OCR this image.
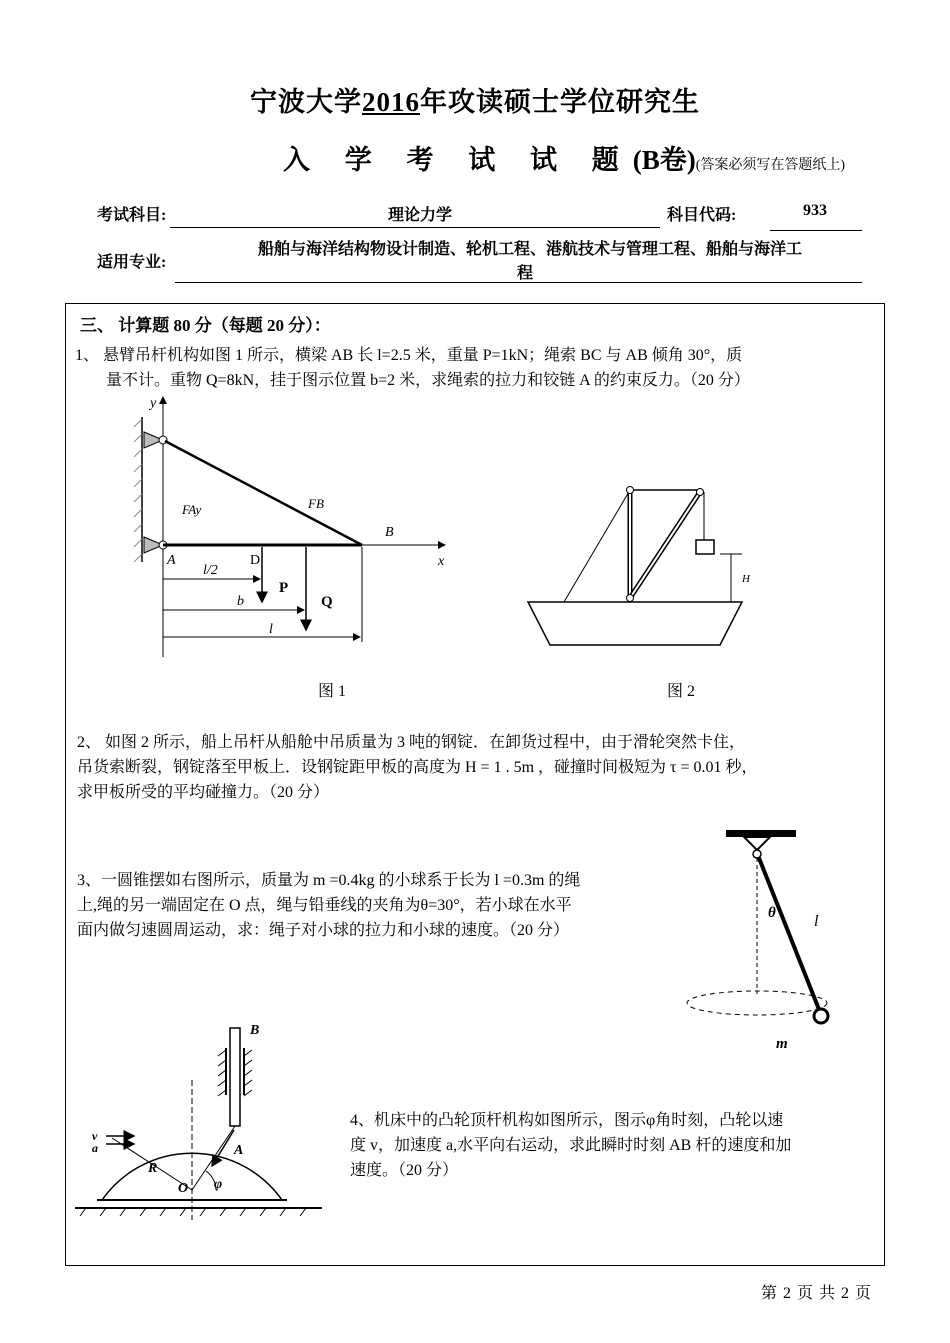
宁波大学2016年攻读硕士学位研究生
入 学 考 试 试 题(B卷)(答案必须写在答题纸上)
考试科目:	理论力学	科目代码:	933
适用专业:
船舶与海洋结构物设计制造、轮机工程、港航技术与管理工程、船舶与海洋工
程
三、 计算题 80 分（每题 20 分）：
1、 悬臂吊杆机构如图 1 所示，横梁 AB 长 l=2.5 米，重量 P=1kN；绳索 BC 与 AB 倾角 30°，质
量不计。重物 Q=8kN，挂于图示位置 b=2 米，求绳索的拉力和铰链 A 的约束反力。（20 分）
y
x
FAy	FB
B
A	D
P
Q
l/2
b
l
H
图 1	图 2
2、 如图 2 所示，船上吊杆从船舱中吊质量为 3 吨的钢锭．在卸货过程中，由于滑轮突然卡住，
吊货索断裂，钢锭落至甲板上．设钢锭距甲板的高度为 H = 1 . 5m ，碰撞时间极短为 τ = 0.01 秒，
求甲板所受的平均碰撞力。（20 分）
3、一圆锥摆如右图所示，质量为 m =0.4kg 的小球系于长为 l =0.3m 的绳
上,绳的另一端固定在 O 点，绳与铅垂线的夹角为θ=30°，若小球在水平
面内做匀速圆周运动，求：绳子对小球的拉力和小球的速度。（20 分）
θ l
m
B
R
O
A
φ
v
a
4、机床中的凸轮顶杆机构如图所示，图示φ角时刻，凸轮以速
度 v，加速度 a,水平向右运动，求此瞬时时刻 AB 杆的速度和加
速度。（20 分）
第 2 页 共 2 页
